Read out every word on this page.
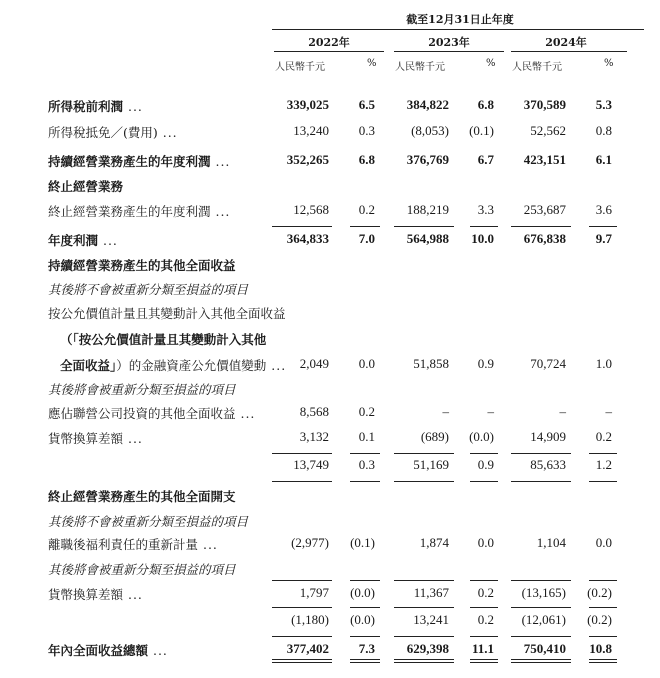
截至12月31日止年度
2022年
人民幣千元	%
2023年
人民幣千元	%
2024年
人民幣千元	%
所得稅前利潤 ...	339,025	6.5	384,822	6.8	370,589	5.3
所得稅抵免／(費用) ...	13,240	0.3	(8,053)	(0.1)	52,562	0.8
持續經營業務產生的年度利潤 ...	352,265	6.8	376,769	6.7	423,151	6.1
終止經營業務
終止經營業務產生的年度利潤 ...	12,568	0.2	188,219	3.3	253,687	3.6
年度利潤 ...	364,833	7.0	564,988	10.0	676,838	9.7
持續經營業務產生的其他全面收益
其後將不會被重新分類至損益的項目
按公允價值計量且其變動計入其他全面收益
（「按公允價值計量且其變動計入其他
全面收益」）的金融資產公允價值變動 ...	2,049	0.0	51,858	0.9	70,724	1.0
其後將會被重新分類至損益的項目
應佔聯營公司投資的其他全面收益 ...	8,568	0.2	–	–	–	–
貨幣換算差額 ...	3,132	0.1	(689)	(0.0)	14,909	0.2
13,749	0.3	51,169	0.9	85,633	1.2
終止經營業務產生的其他全面開支
其後將不會被重新分類至損益的項目
離職後福利責任的重新計量 ...	(2,977)	(0.1)	1,874	0.0	1,104	0.0
其後將會被重新分類至損益的項目
貨幣換算差額 ...	1,797	(0.0)	11,367	0.2	(13,165)	(0.2)
(1,180)	(0.0)	13,241	0.2	(12,061)	(0.2)
年內全面收益總額 ...	377,402	7.3	629,398	11.1	750,410	10.8
